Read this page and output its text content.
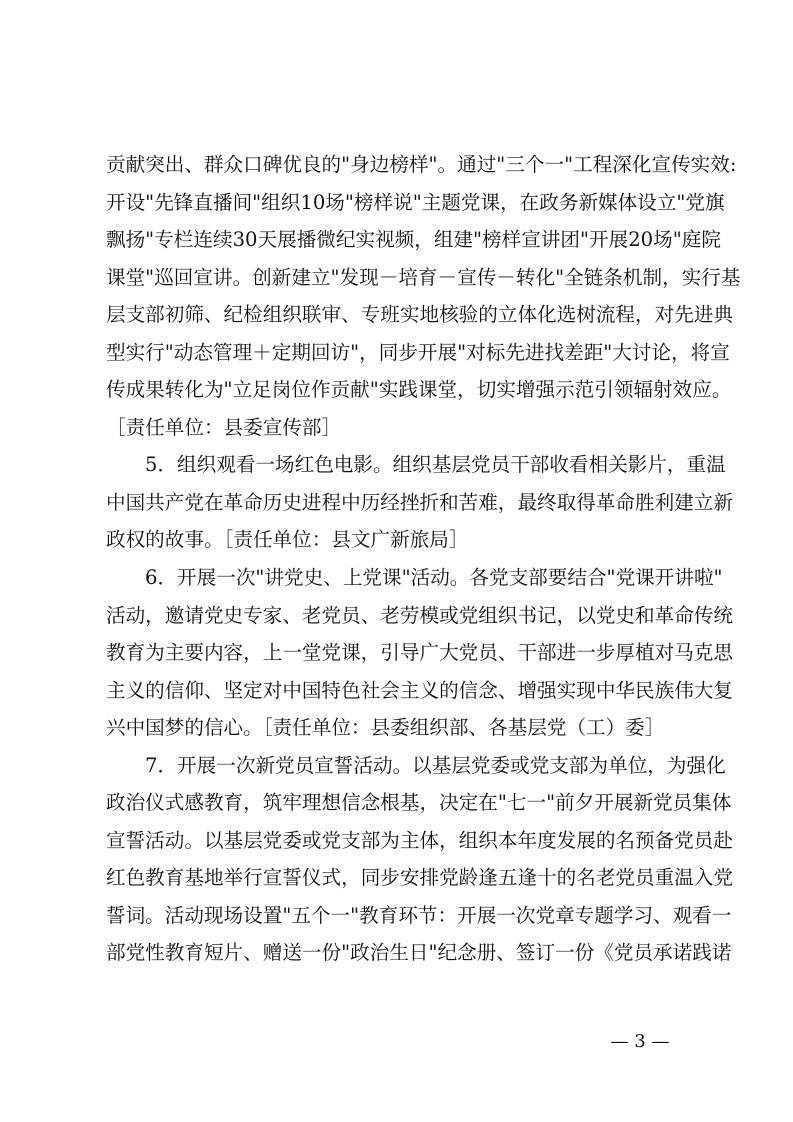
贡献突出、群众口碑优良的"身边榜样"。通过"三个一"工程深化宣传实效:
开设"先锋直播间"组织10场"榜样说"主题党课，在政务新媒体设立"党旗
飘扬"专栏连续30天展播微纪实视频，组建"榜样宣讲团"开展20场"庭院
课堂"巡回宣讲。创新建立"发现－培育－宣传－转化"全链条机制，实行基
层支部初筛、纪检组织联审、专班实地核验的立体化选树流程，对先进典
型实行"动态管理＋定期回访"，同步开展"对标先进找差距"大讨论，将宣
传成果转化为"立足岗位作贡献"实践课堂，切实增强示范引领辐射效应。
［责任单位：县委宣传部］
5．组织观看一场红色电影。组织基层党员干部收看相关影片，重温
中国共产党在革命历史进程中历经挫折和苦难，最终取得革命胜利建立新
政权的故事。［责任单位：县文广新旅局］
6．开展一次"讲党史、上党课"活动。各党支部要结合"党课开讲啦"
活动，邀请党史专家、老党员、老劳模或党组织书记，以党史和革命传统
教育为主要内容，上一堂党课，引导广大党员、干部进一步厚植对马克思
主义的信仰、坚定对中国特色社会主义的信念、增强实现中华民族伟大复
兴中国梦的信心。［责任单位：县委组织部、各基层党（工）委］
7．开展一次新党员宣誓活动。以基层党委或党支部为单位，为强化
政治仪式感教育，筑牢理想信念根基，决定在"七一"前夕开展新党员集体
宣誓活动。以基层党委或党支部为主体，组织本年度发展的名预备党员赴
红色教育基地举行宣誓仪式，同步安排党龄逢五逢十的名老党员重温入党
誓词。活动现场设置"五个一"教育环节：开展一次党章专题学习、观看一
部党性教育短片、赠送一份"政治生日"纪念册、签订一份《党员承诺践诺
— 3 —
